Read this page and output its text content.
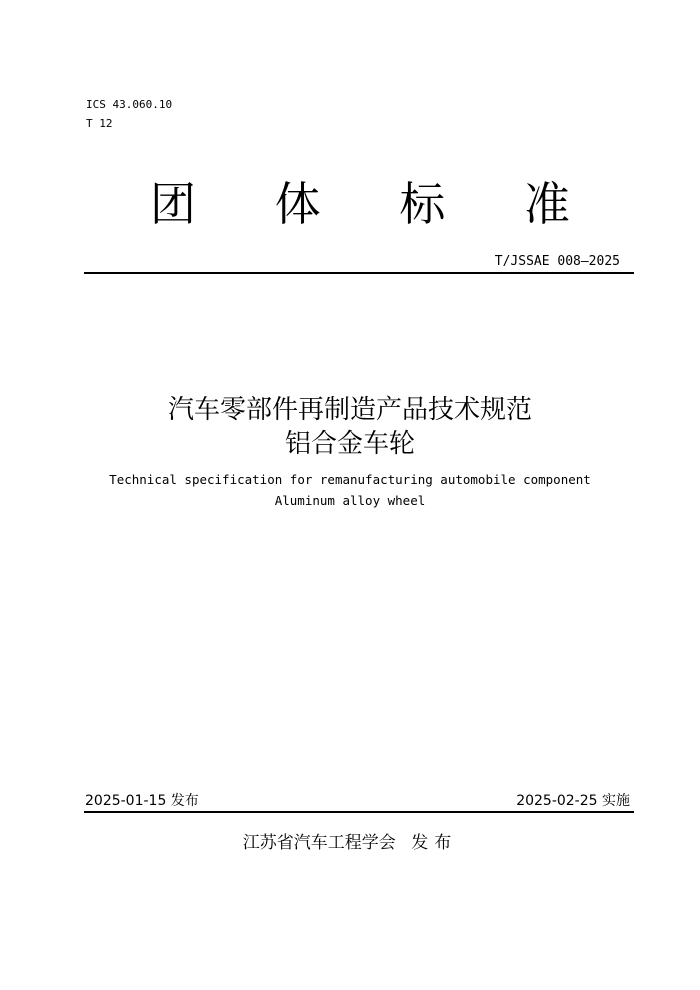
ICS 43.060.10
T 12
团 体 标 准
T/JSSAE 008—2025
汽车零部件再制造产品技术规范
铝合金车轮
Technical specification for remanufacturing automobile component
Aluminum alloy wheel
2025-01-15 发布	2025-02-25 实施
江苏省汽车工程学会 发布
